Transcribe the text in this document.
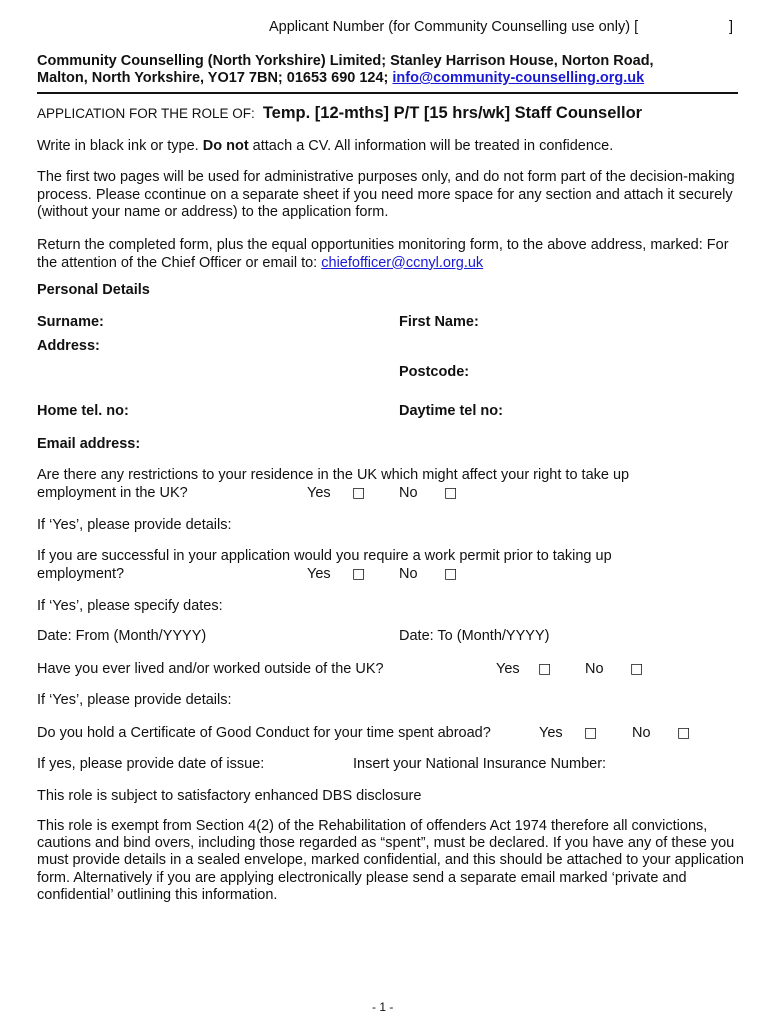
Applicant Number (for Community Counselling use only) [	]
Community Counselling (North Yorkshire) Limited; Stanley Harrison House, Norton Road,
Malton, North Yorkshire, YO17 7BN; 01653 690 124; info@community-counselling.org.uk
APPLICATION FOR THE ROLE OF: Temp. [12-mths] P/T [15 hrs/wk] Staff Counsellor
Write in black ink or type. Do not attach a CV. All information will be treated in confidence.
The first two pages will be used for administrative purposes only, and do not form part of the decision-making process. Please ccontinue on a separate sheet if you need more space for any section and attach it securely (without your name or address) to the application form.
Return the completed form, plus the equal opportunities monitoring form, to the above address, marked: For the attention of the Chief Officer or email to: chiefofficer@ccnyl.org.uk
Personal Details
Surname:	First Name:
Address:
Postcode:
Home tel. no:	Daytime tel no:
Email address:
Are there any restrictions to your residence in the UK which might affect your right to take up
employment in the UK?	Yes □ No □
If ‘Yes’, please provide details:
If you are successful in your application would you require a work permit prior to taking up
employment?	Yes □ No □
If ‘Yes’, please specify dates:
Date: From (Month/YYYY)	Date: To (Month/YYYY)
Have you ever lived and/or worked outside of the UK?	Yes □ No □
If ‘Yes’, please provide details:
Do you hold a Certificate of Good Conduct for your time spent abroad?	Yes □ No □
If yes, please provide date of issue:	Insert your National Insurance Number:
This role is subject to satisfactory enhanced DBS disclosure
This role is exempt from Section 4(2) of the Rehabilitation of offenders Act 1974 therefore all convictions, cautions and bind overs, including those regarded as “spent”, must be declared. If you have any of these you must provide details in a sealed envelope, marked confidential, and this should be attached to your application form. Alternatively if you are applying electronically please send a separate email marked ‘private and confidential’ outlining this information.
- 1 -
